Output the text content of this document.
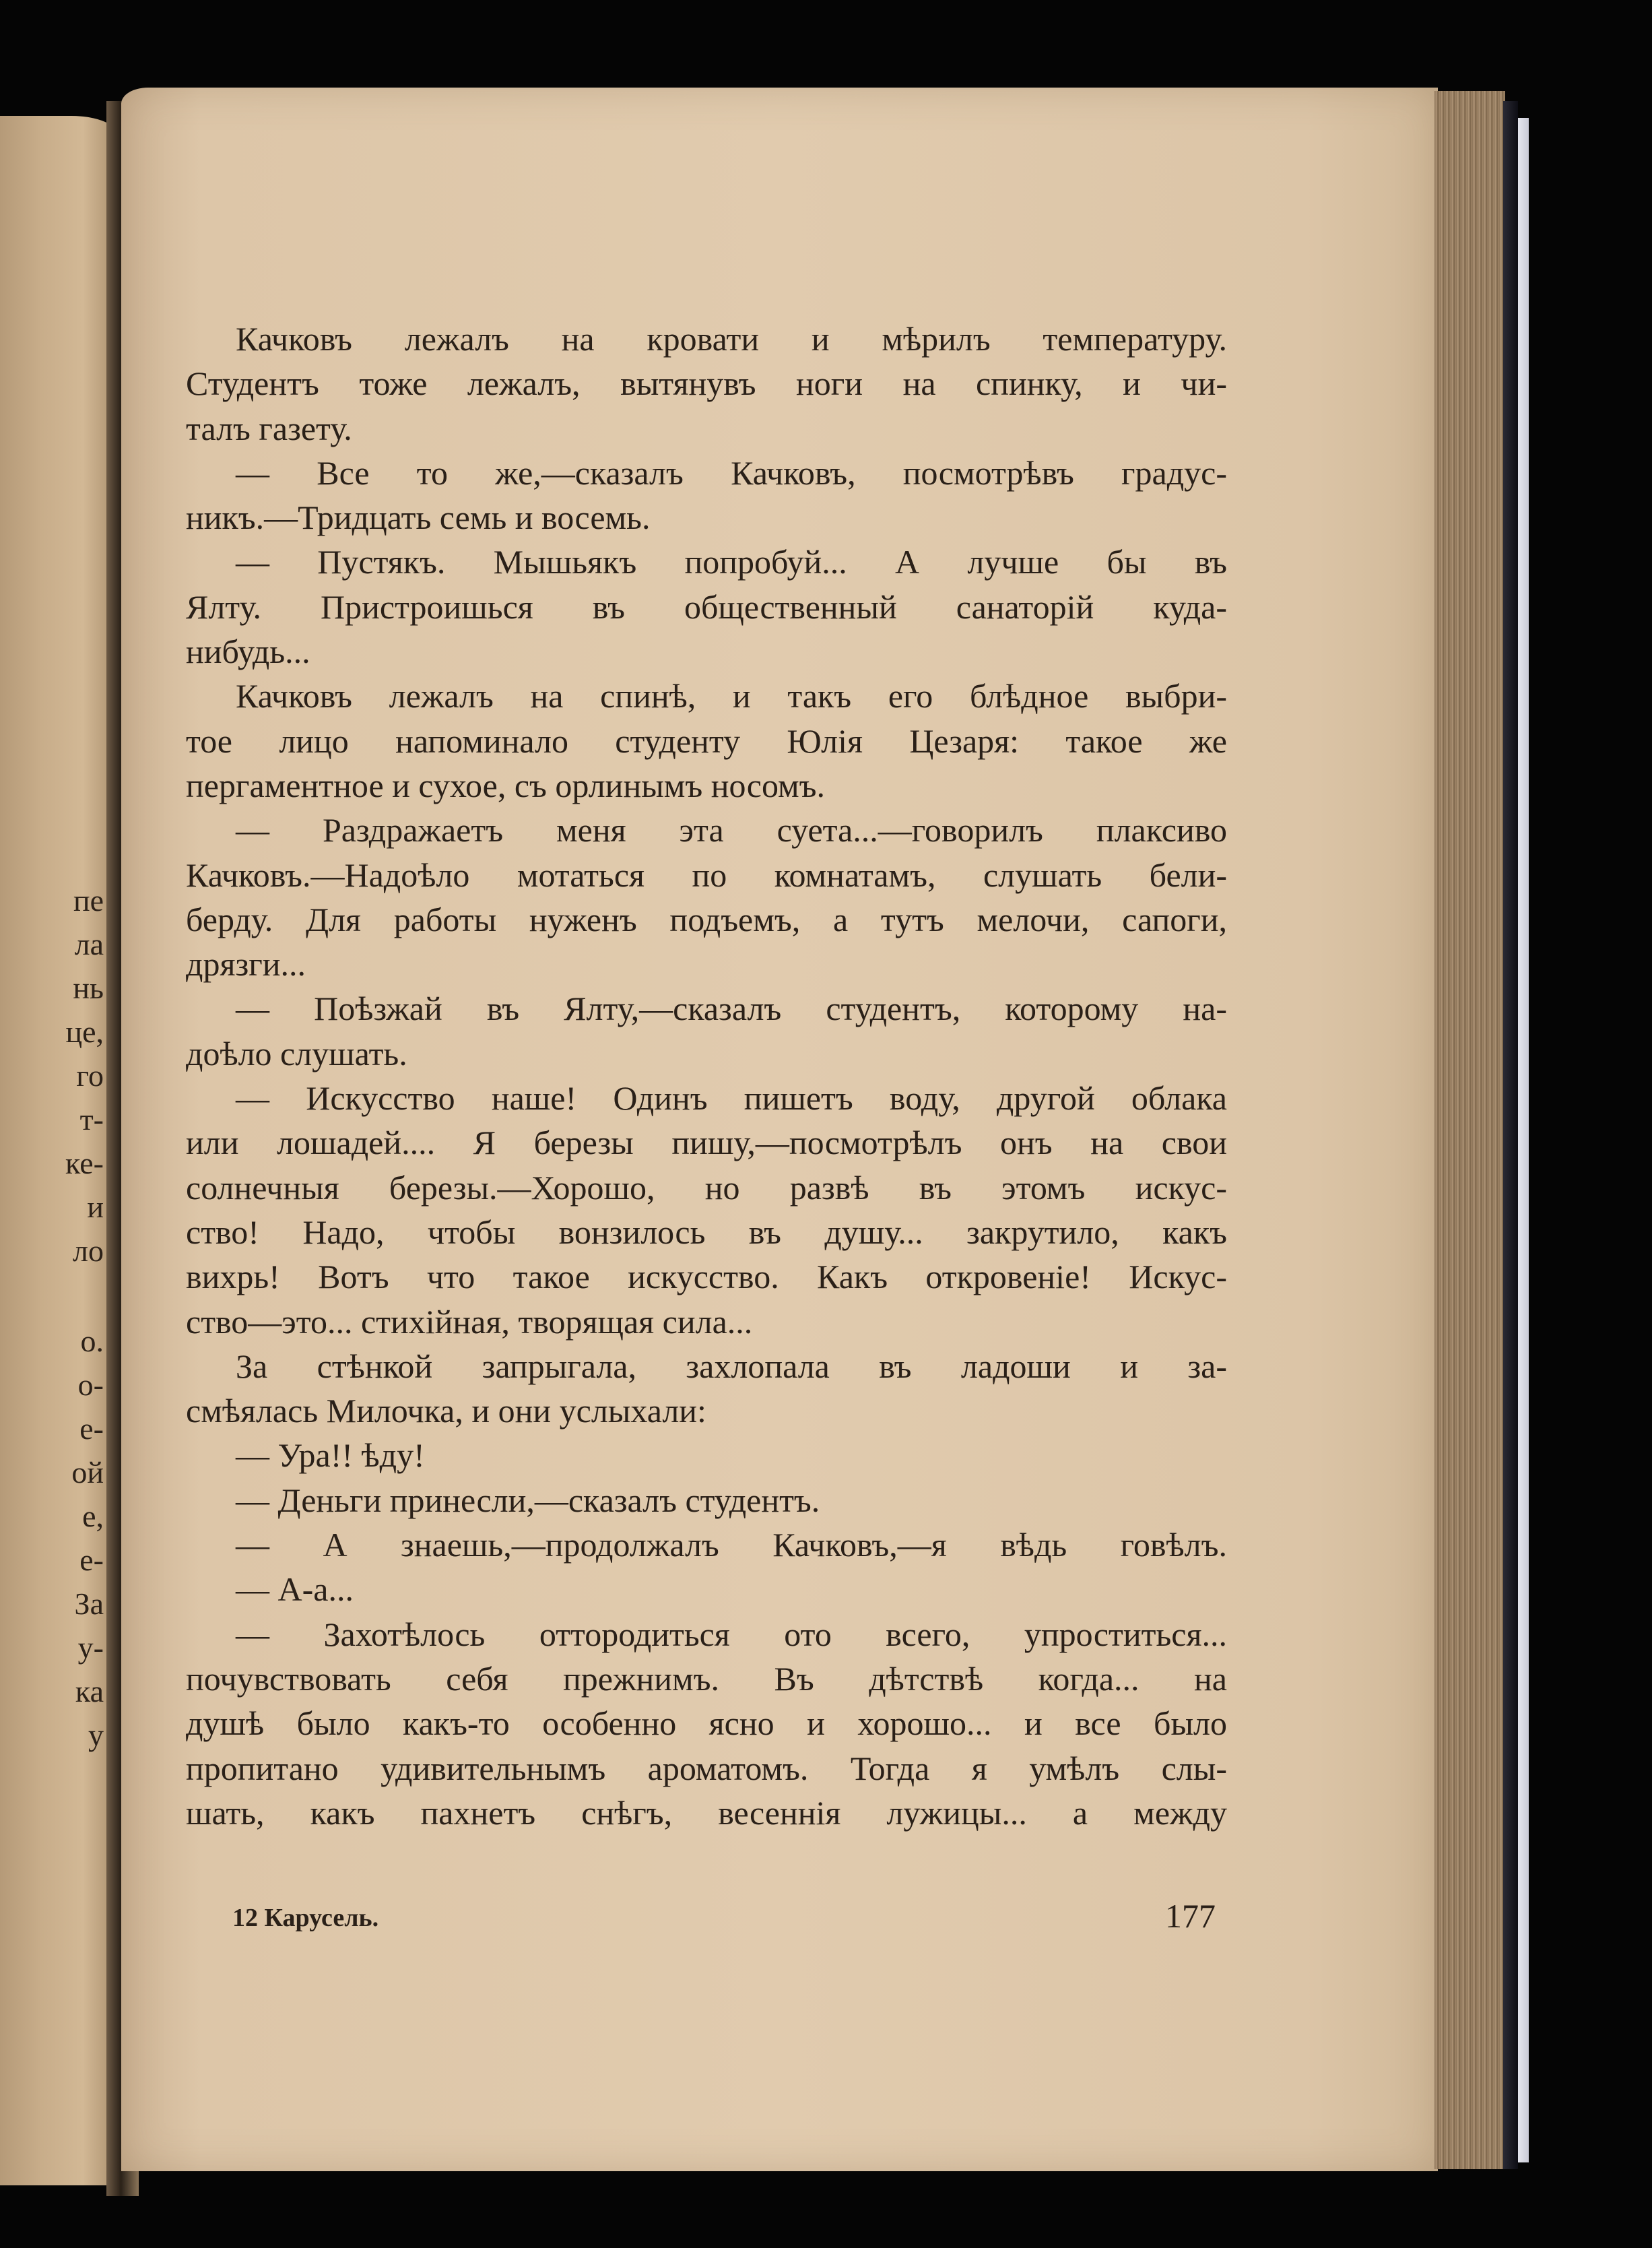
пе
ла
нь
це,
го
т-
ке-
и
ло
о.
о-
е-
ой
е,
е-
За
у-
ка
у
Качковъ лежалъ на кровати и мѣрилъ температуру.
Студентъ тоже лежалъ, вытянувъ ноги на спинку, и чи-
талъ газету.
— Все то же,—сказалъ Качковъ, посмотрѣвъ градус-
никъ.—Тридцать семь и восемь.
— Пустякъ. Мышьякъ попробуй... А лучше бы въ
Ялту. Пристроишься въ общественный санаторій куда-
нибудь...
Качковъ лежалъ на спинѣ, и такъ его блѣдное выбри-
тое лицо напоминало студенту Юлія Цезаря: такое же
пергаментное и сухое, съ орлинымъ носомъ.
— Раздражаетъ меня эта суета...—говорилъ плаксиво
Качковъ.—Надоѣло мотаться по комнатамъ, слушать бели-
берду. Для работы нуженъ подъемъ, а тутъ мелочи, сапоги,
дрязги...
— Поѣзжай въ Ялту,—сказалъ студентъ, которому на-
доѣло слушать.
— Искусство наше! Одинъ пишетъ воду, другой облака
или лошадей.... Я березы пишу,—посмотрѣлъ онъ на свои
солнечныя березы.—Хорошо, но развѣ въ этомъ искус-
ство! Надо, чтобы вонзилось въ душу... закрутило, какъ
вихрь! Вотъ что такое искусство. Какъ откровеніе! Искус-
ство—это... стихійная, творящая сила...
За стѣнкой запрыгала, захлопала въ ладоши и за-
смѣялась Милочка, и они услыхали:
— Ура!! ѣду!
— Деньги принесли,—сказалъ студентъ.
— А знаешь,—продолжалъ Качковъ,—я вѣдь говѣлъ.
— А-а...
— Захотѣлось оттородиться ото всего, упроститься...
почувствовать себя прежнимъ. Въ дѣтствѣ когда... на
душѣ было какъ-то особенно ясно и хорошо... и все было
пропитано удивительнымъ ароматомъ. Тогда я умѣлъ слы-
шать, какъ пахнетъ снѣгъ, весеннія лужицы... а между
12 Карусель.	177
